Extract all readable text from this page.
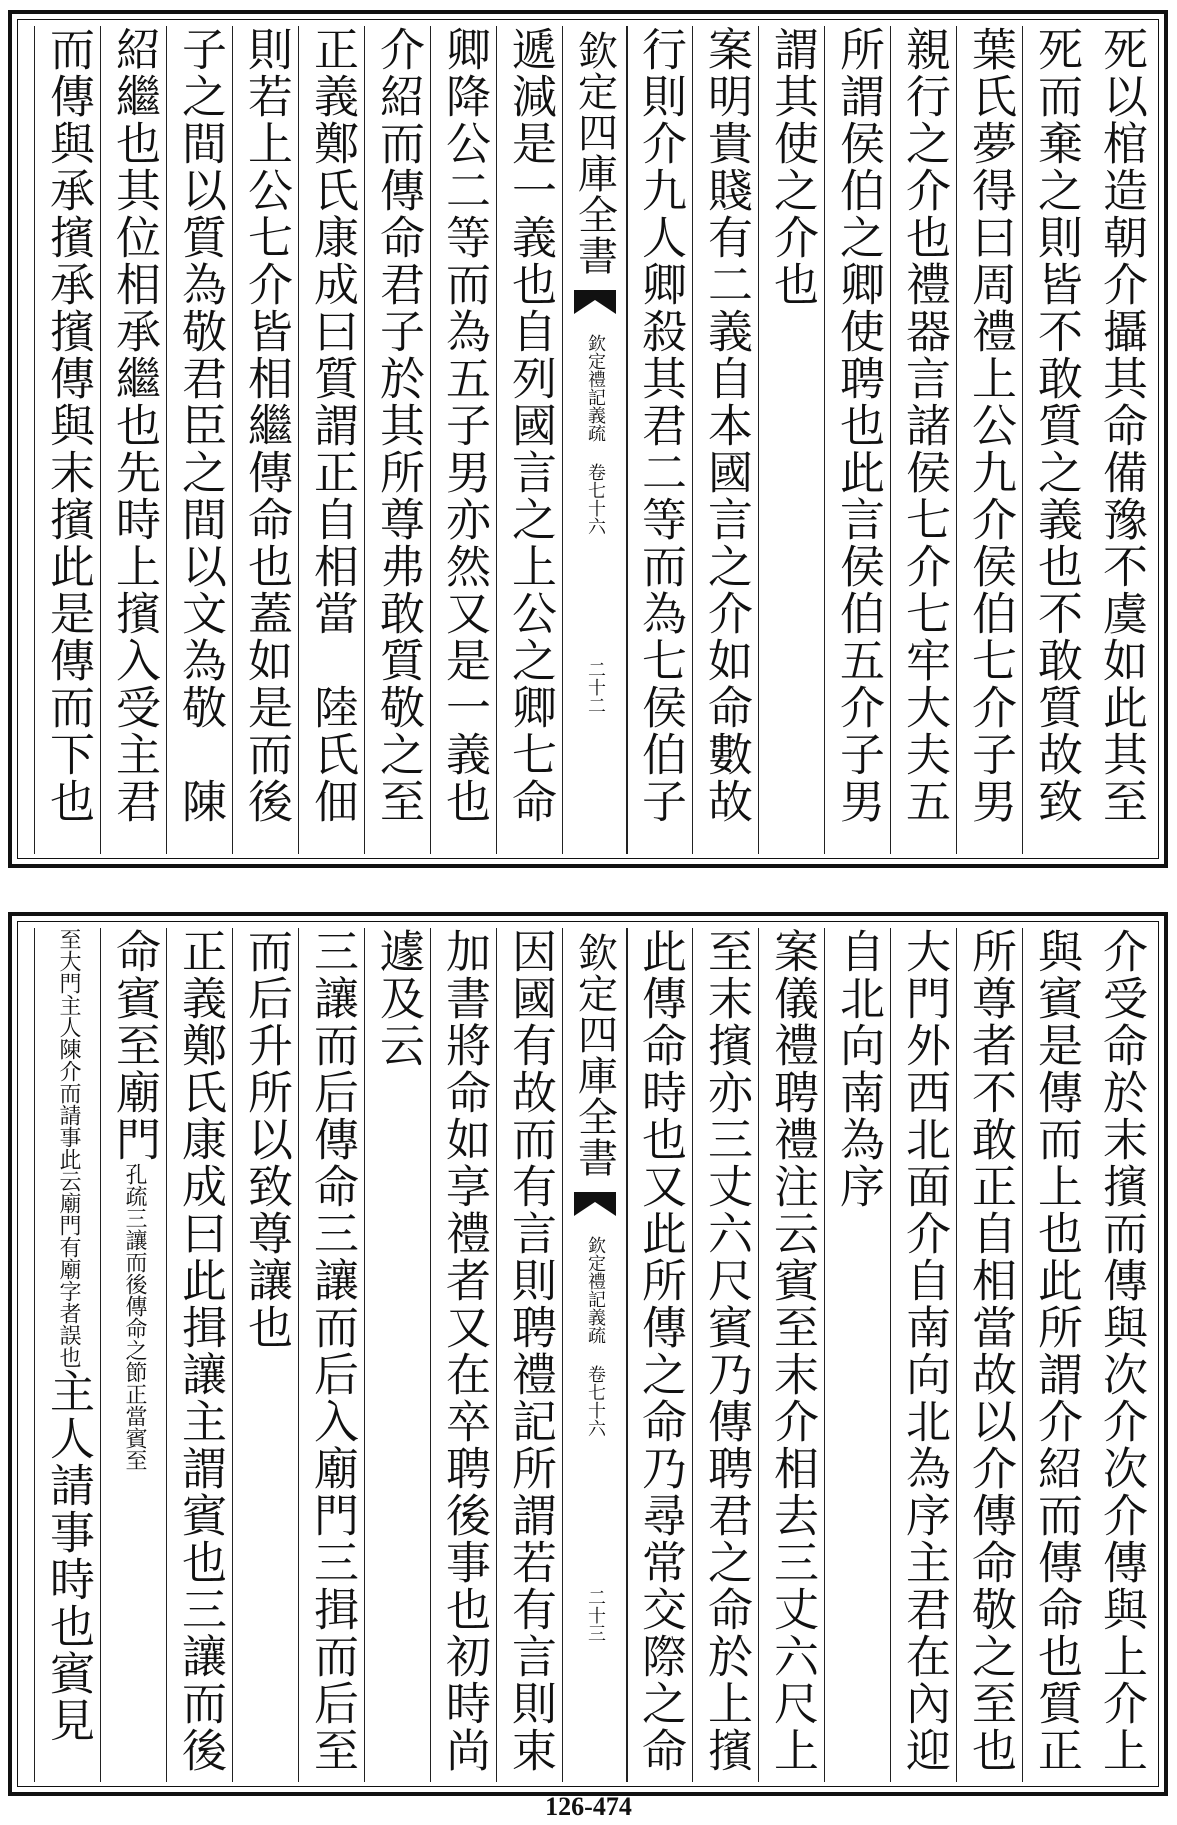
死以棺造朝介攝其命備豫不虞如此其至
死而棄之則皆不敢質之義也不敢質故致
葉氏夢得曰周禮上公九介侯伯七介子男
親行之介也禮器言諸侯七介七牢大夫五
所謂侯伯之卿使聘也此言侯伯五介子男
謂其使之介也
案明貴賤有二義自本國言之介如命數故
行則介九人卿殺其君二等而為七侯伯子
欽定四庫全書
欽定禮記義疏 卷七十六
二十二
遞減是一義也自列國言之上公之卿七命
卿降公二等而為五子男亦然又是一義也
介紹而傳命君子於其所尊弗敢質敬之至
正義鄭氏康成曰質謂正自相當　陸氏佃
則若上公七介皆相繼傳命也蓋如是而後
子之間以質為敬君臣之間以文為敬　陳
紹繼也其位相承繼也先時上擯入受主君
而傳與承擯承擯傳與末擯此是傳而下也
介受命於末擯而傳與次介次介傳與上介上
與賓是傳而上也此所謂介紹而傳命也質正
所尊者不敢正自相當故以介傳命敬之至也
大門外西北面介自南向北為序主君在內迎
自北向南為序
案儀禮聘禮注云賓至末介相去三丈六尺上
至末擯亦三丈六尺賓乃傳聘君之命於上擯
此傳命時也又此所傳之命乃尋常交際之命
欽定四庫全書
欽定禮記義疏 卷七十六
二十三
因國有故而有言則聘禮記所謂若有言則束
加書將命如享禮者又在卒聘後事也初時尚
遽及云
三讓而后傳命三讓而后入廟門三揖而后至
而后升所以致尊讓也
正義鄭氏康成曰此揖讓主謂賓也三讓而後
命賓至廟門孔疏三讓而後傳命之節正當賓至
至大門主人陳介而請事此云廟門有廟字者誤也主人請事時也賓見
126-474
